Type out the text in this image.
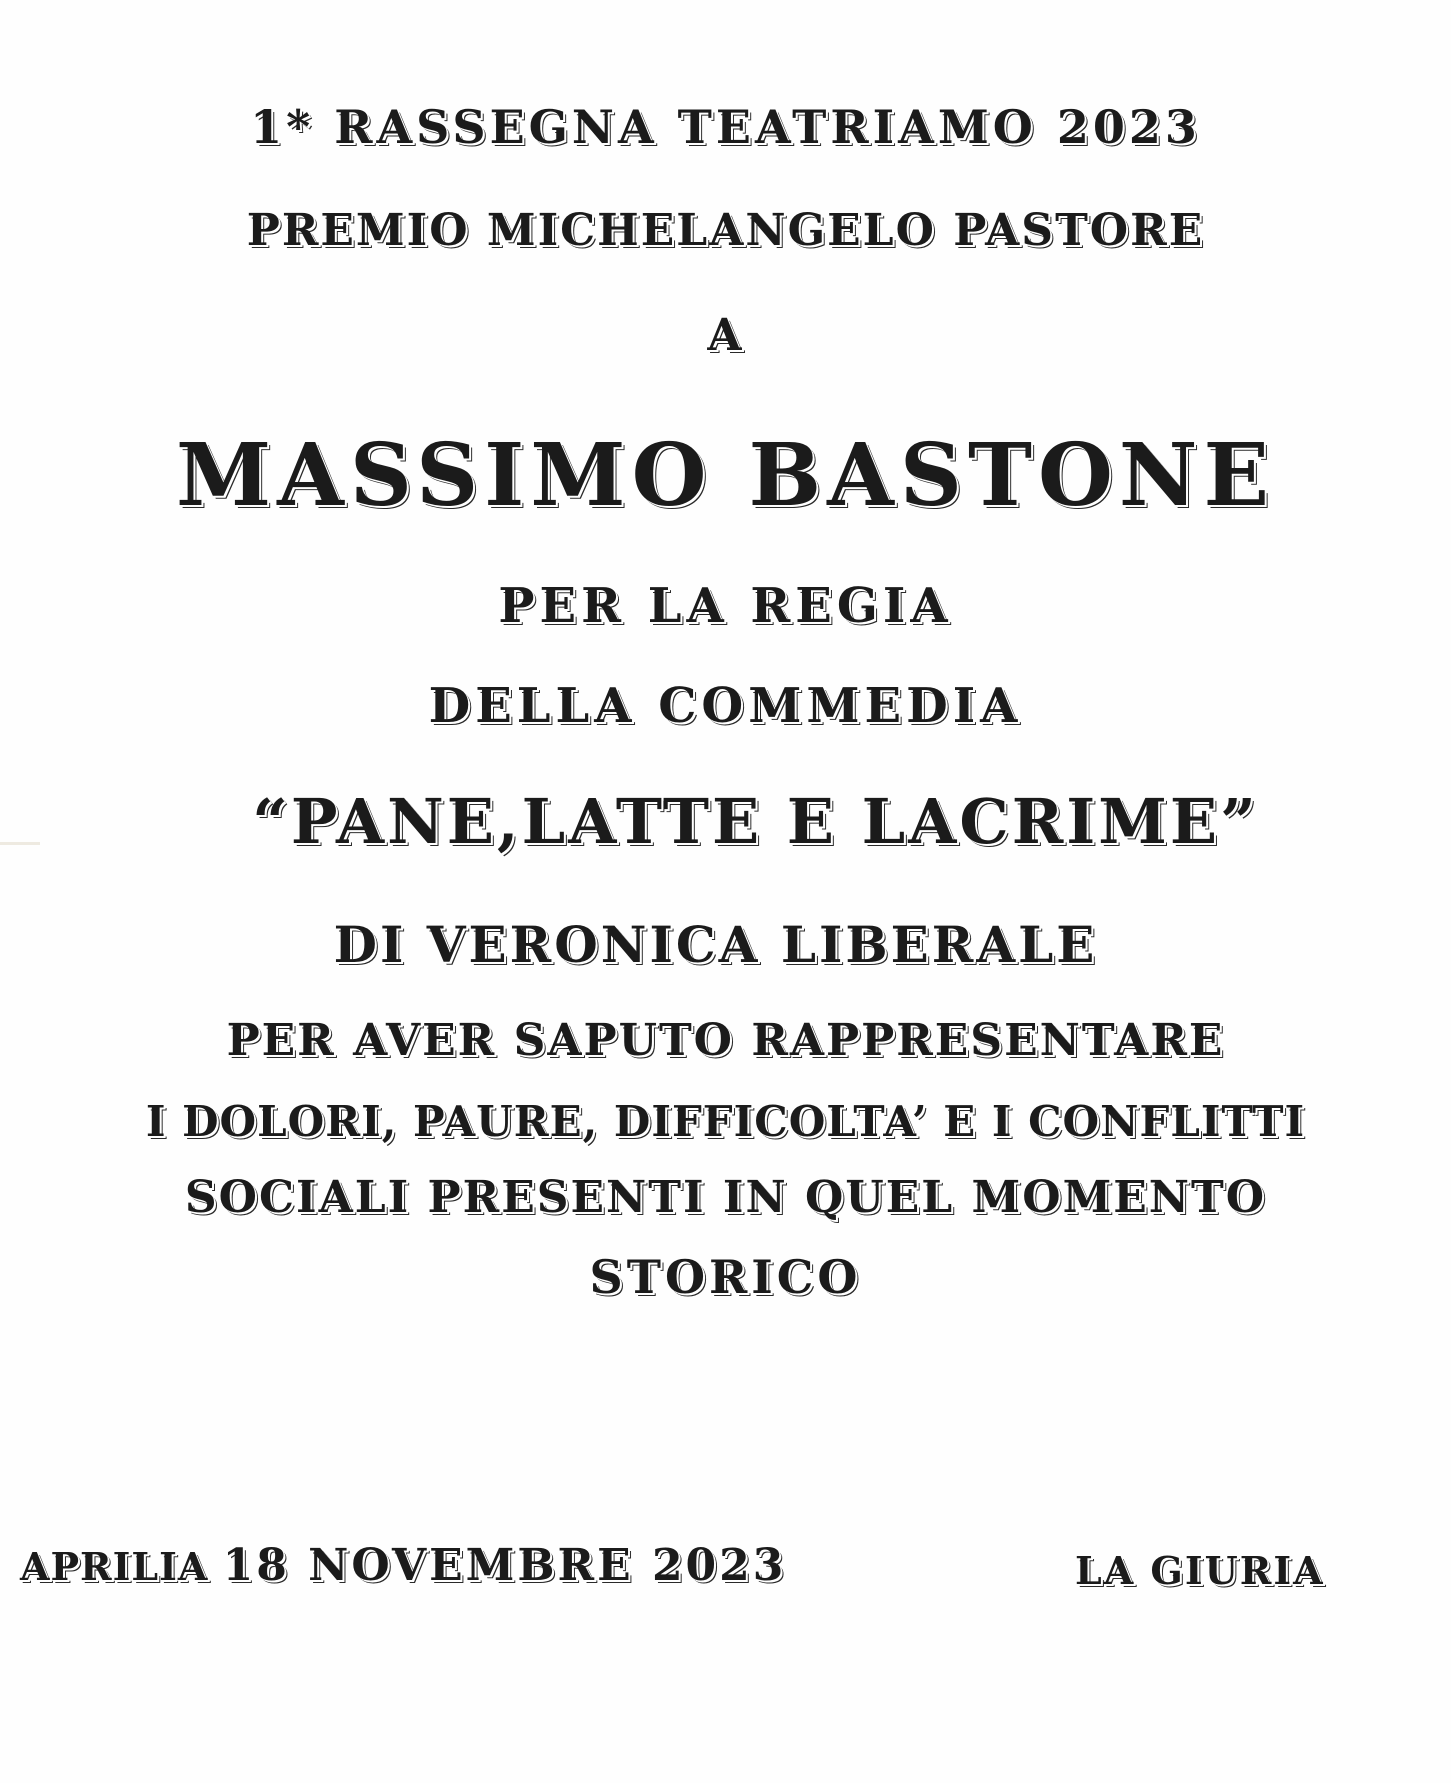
1* RASSEGNA TEATRIAMO 2023
PREMIO MICHELANGELO PASTORE
A
MASSIMO BASTONE
PER LA REGIA
DELLA COMMEDIA
“PANE,LATTE E LACRIME”
DI VERONICA LIBERALE
PER AVER SAPUTO RAPPRESENTARE
I DOLORI, PAURE, DIFFICOLTA’ E I CONFLITTI
SOCIALI PRESENTI IN QUEL MOMENTO
STORICO
APRILIA 18 NOVEMBRE 2023	LA GIURIA
